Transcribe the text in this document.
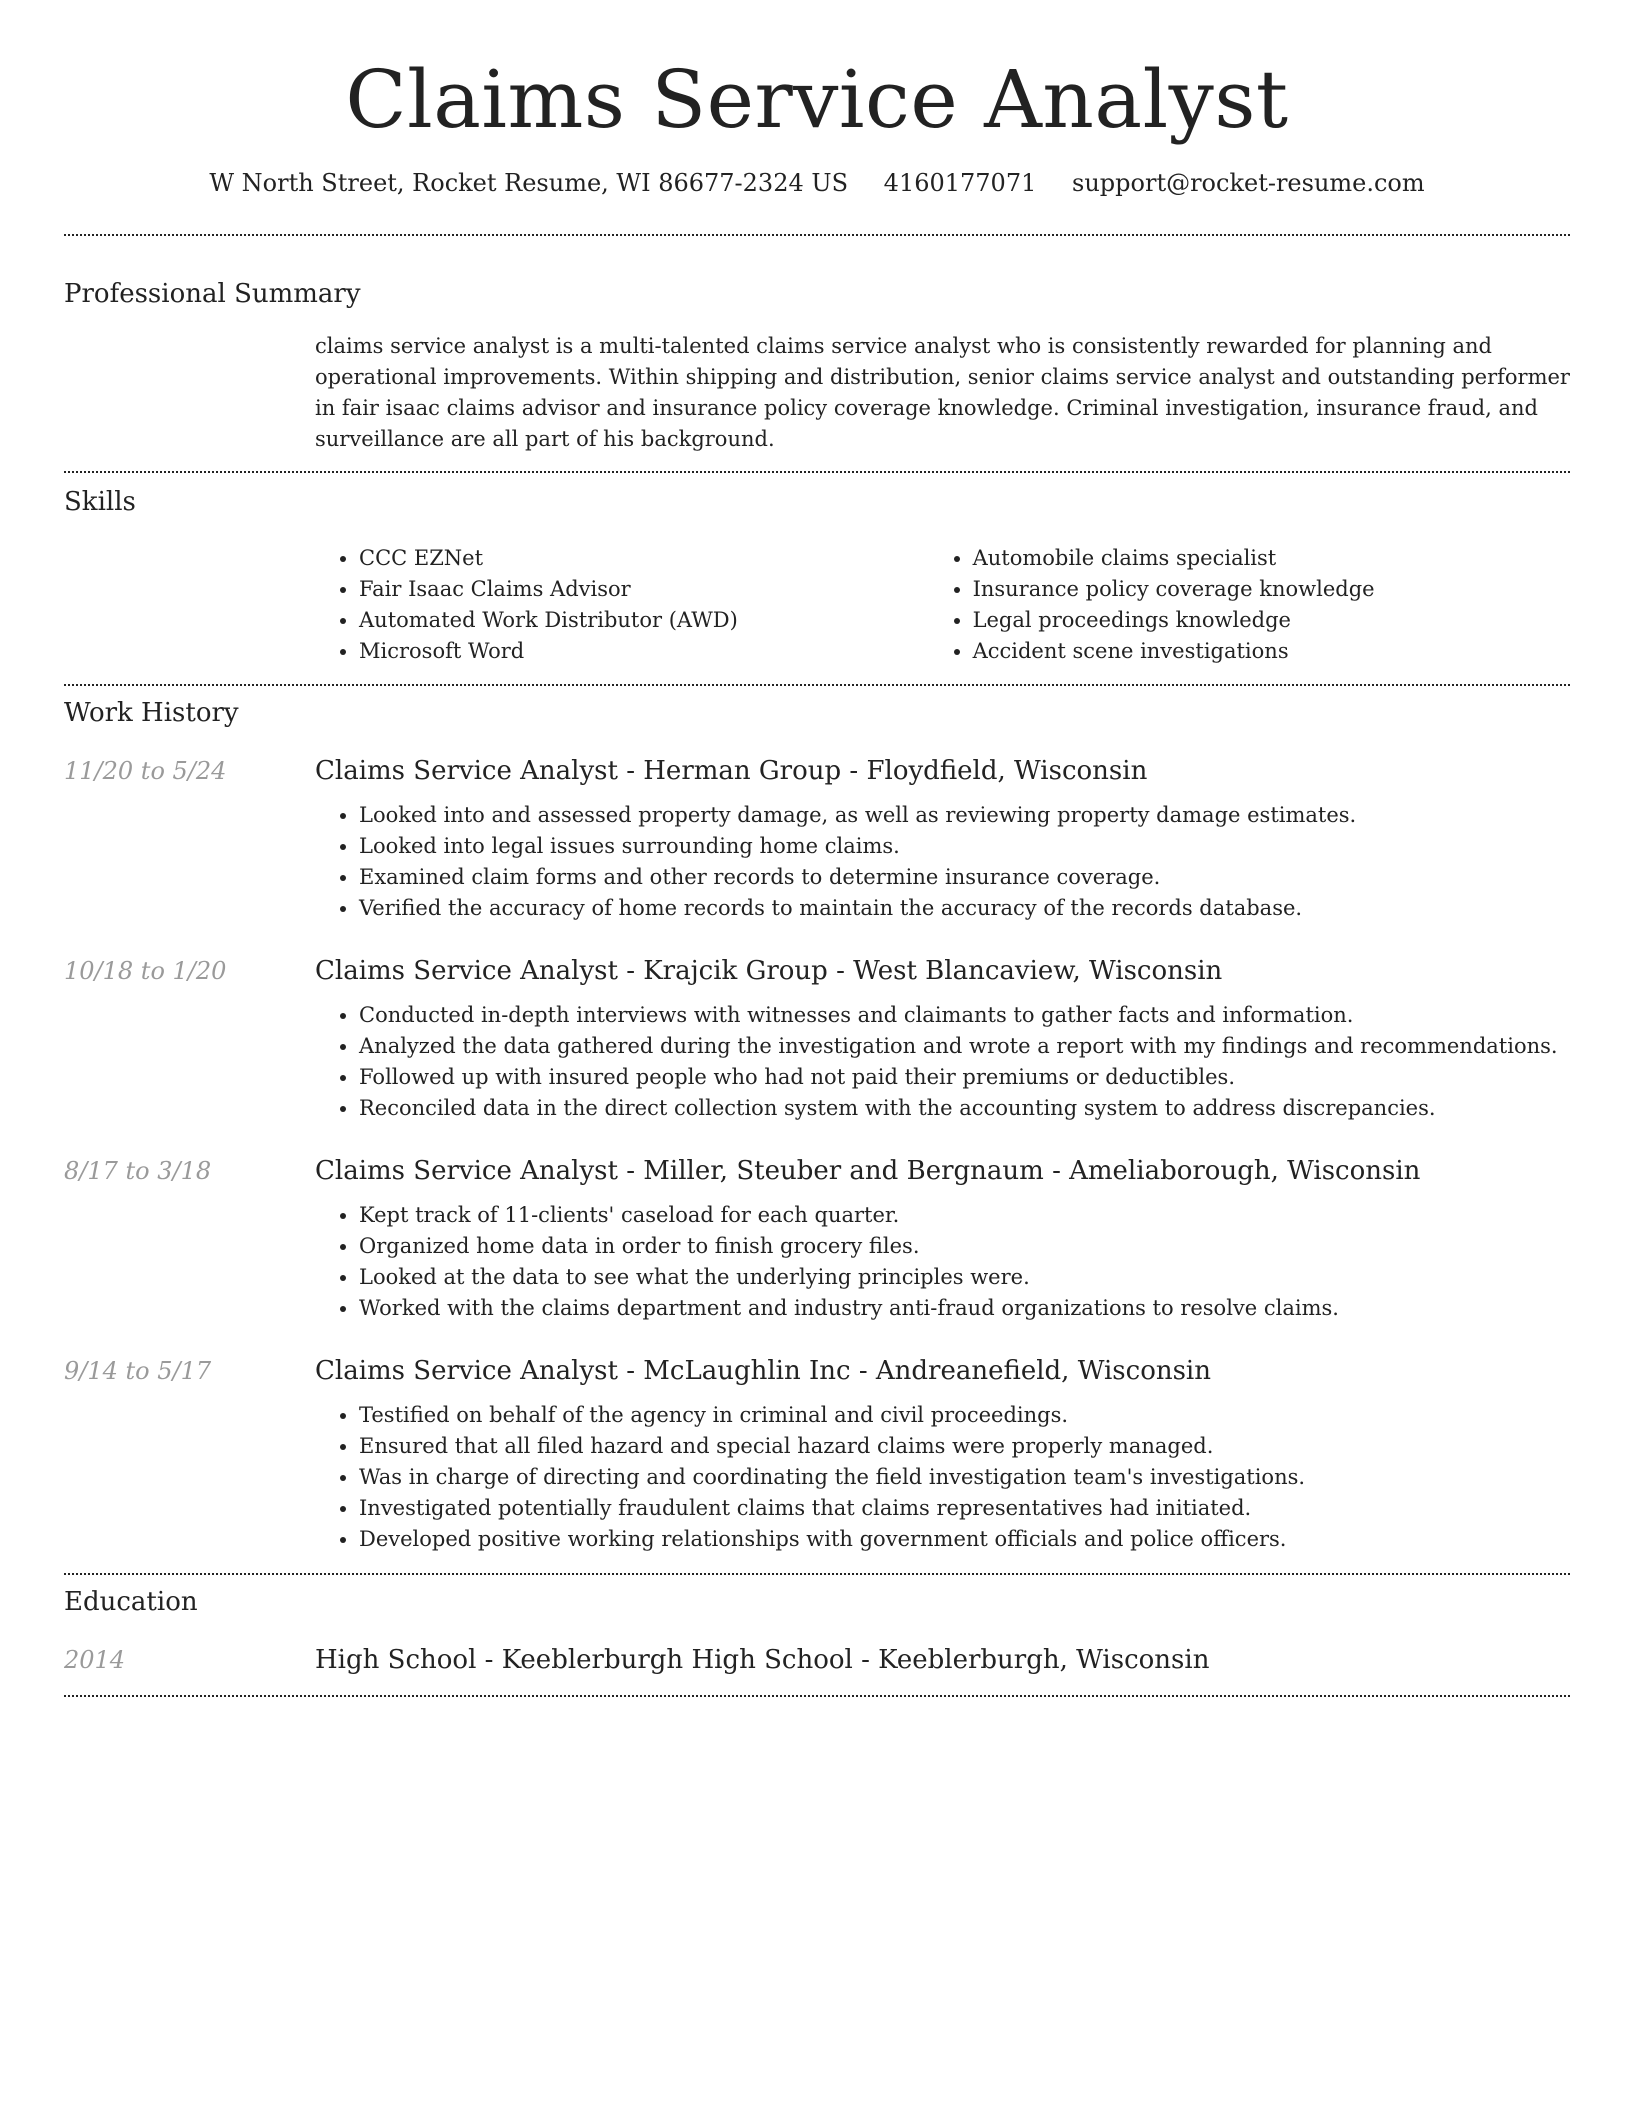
Claims Service Analyst
W North Street, Rocket Resume, WI 86677-2324 US 4160177071 support@rocket-resume.com
Professional Summary

claims service analyst is a multi-talented claims service analyst who is consistently rewarded for planning and operational improvements. Within shipping and distribution, senior claims service analyst and outstanding performer in fair isaac claims advisor and insurance policy coverage knowledge. Criminal investigation, insurance fraud, and surveillance are all part of his background.

Skills
• CCC EZNet
• Fair Isaac Claims Advisor
• Automated Work Distributor (AWD)
• Microsoft Word
• Automobile claims specialist
• Insurance policy coverage knowledge
• Legal proceedings knowledge
• Accident scene investigations
Work History
11/20 to 5/24	Claims Service Analyst - Herman Group - Floydfield, Wisconsin
• Looked into and assessed property damage, as well as reviewing property damage estimates.
• Looked into legal issues surrounding home claims.
• Examined claim forms and other records to determine insurance coverage.
• Verified the accuracy of home records to maintain the accuracy of the records database.
10/18 to 1/20	Claims Service Analyst - Krajcik Group - West Blancaview, Wisconsin
• Conducted in-depth interviews with witnesses and claimants to gather facts and information.
• Analyzed the data gathered during the investigation and wrote a report with my findings and recommendations.
• Followed up with insured people who had not paid their premiums or deductibles.
• Reconciled data in the direct collection system with the accounting system to address discrepancies.
8/17 to 3/18	Claims Service Analyst - Miller, Steuber and Bergnaum - Ameliaborough, Wisconsin
• Kept track of 11-clients' caseload for each quarter.
• Organized home data in order to finish grocery files.
• Looked at the data to see what the underlying principles were.
• Worked with the claims department and industry anti-fraud organizations to resolve claims.
9/14 to 5/17	Claims Service Analyst - McLaughlin Inc - Andreanefield, Wisconsin
• Testified on behalf of the agency in criminal and civil proceedings.
• Ensured that all filed hazard and special hazard claims were properly managed.
• Was in charge of directing and coordinating the field investigation team's investigations.
• Investigated potentially fraudulent claims that claims representatives had initiated.
• Developed positive working relationships with government officials and police officers.
Education
2014	High School - Keeblerburgh High School - Keeblerburgh, Wisconsin
